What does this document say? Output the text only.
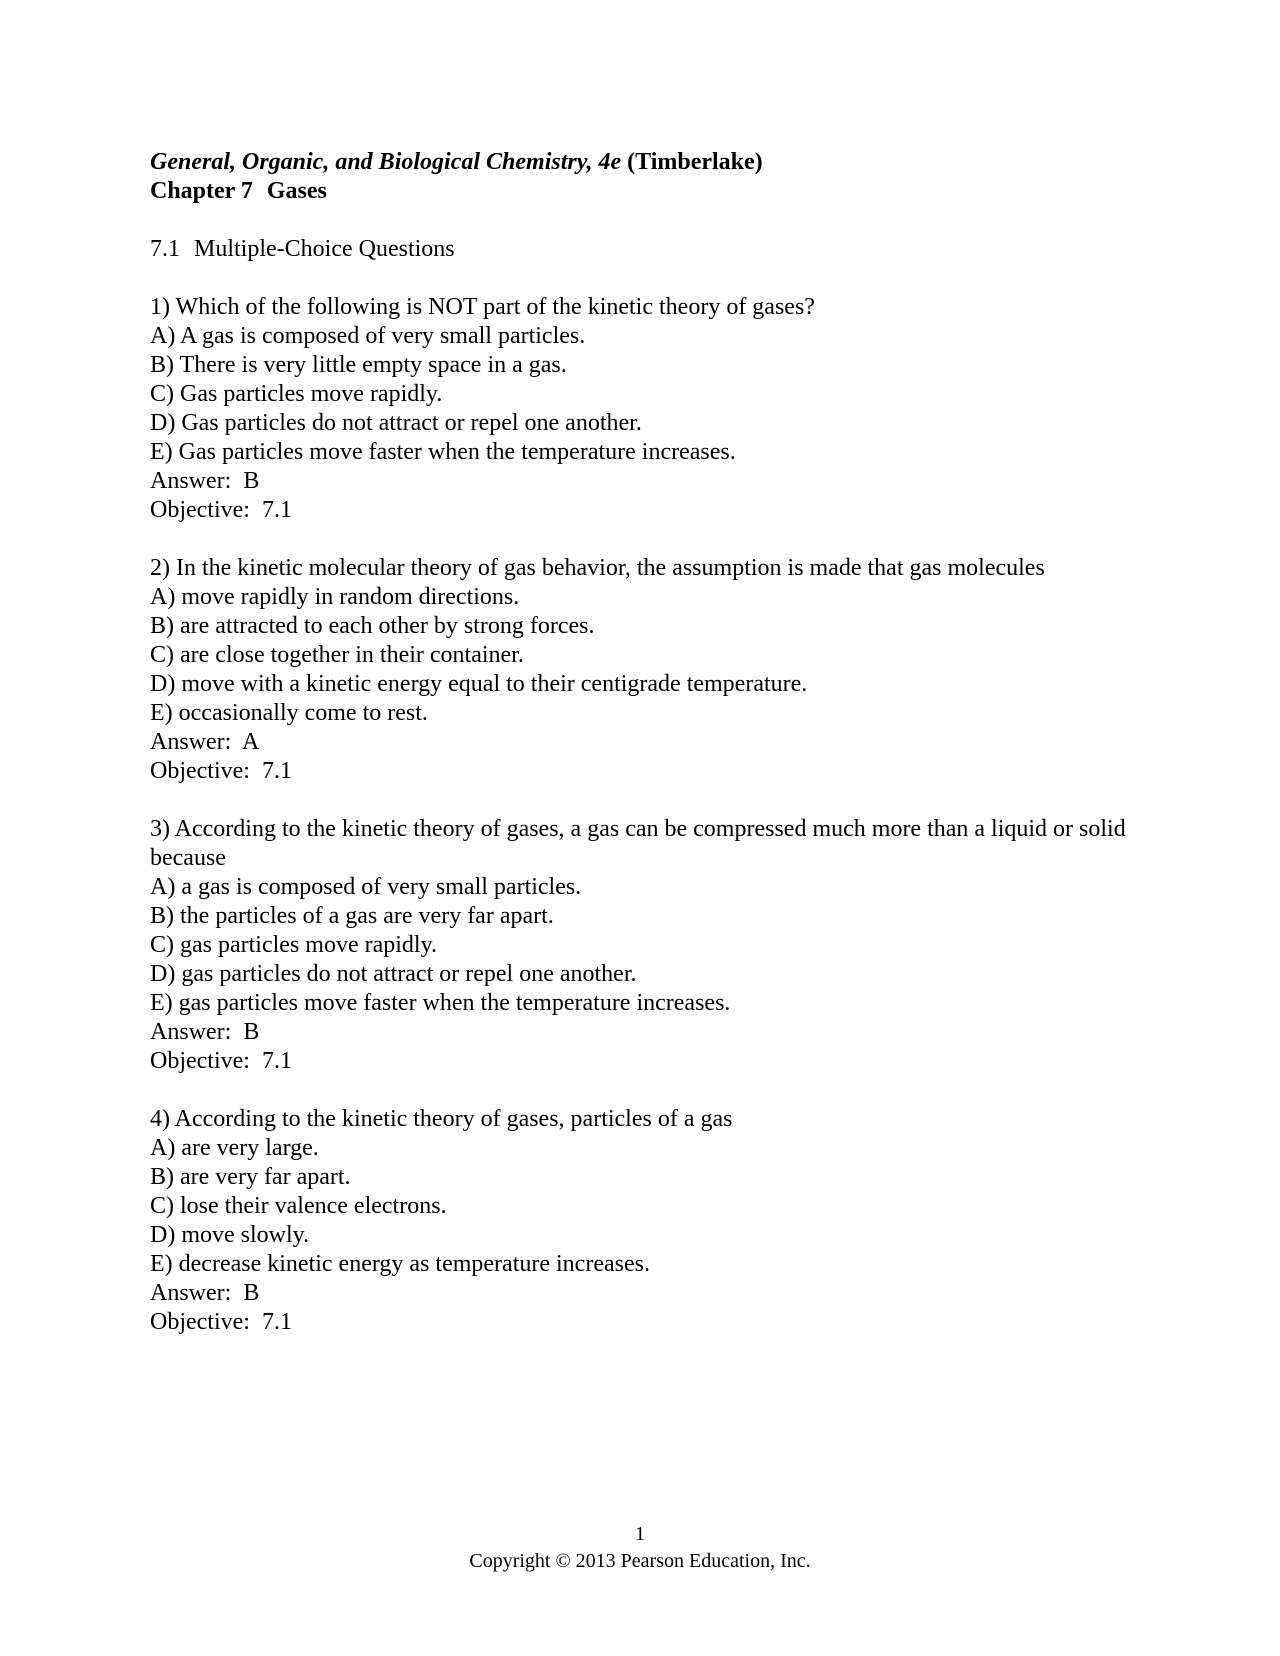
General, Organic, and Biological Chemistry, 4e (Timberlake)
Chapter 7 Gases
7.1 Multiple-Choice Questions
1) Which of the following is NOT part of the kinetic theory of gases?
A) A gas is composed of very small particles.
B) There is very little empty space in a gas.
C) Gas particles move rapidly.
D) Gas particles do not attract or repel one another.
E) Gas particles move faster when the temperature increases.
Answer:  B
Objective:  7.1
2) In the kinetic molecular theory of gas behavior, the assumption is made that gas molecules
A) move rapidly in random directions.
B) are attracted to each other by strong forces.
C) are close together in their container.
D) move with a kinetic energy equal to their centigrade temperature.
E) occasionally come to rest.
Answer:  A
Objective:  7.1
3) According to the kinetic theory of gases, a gas can be compressed much more than a liquid or solid because
A) a gas is composed of very small particles.
B) the particles of a gas are very far apart.
C) gas particles move rapidly.
D) gas particles do not attract or repel one another.
E) gas particles move faster when the temperature increases.
Answer:  B
Objective:  7.1
4) According to the kinetic theory of gases, particles of a gas
A) are very large.
B) are very far apart.
C) lose their valence electrons.
D) move slowly.
E) decrease kinetic energy as temperature increases.
Answer:  B
Objective:  7.1
1
Copyright © 2013 Pearson Education, Inc.
